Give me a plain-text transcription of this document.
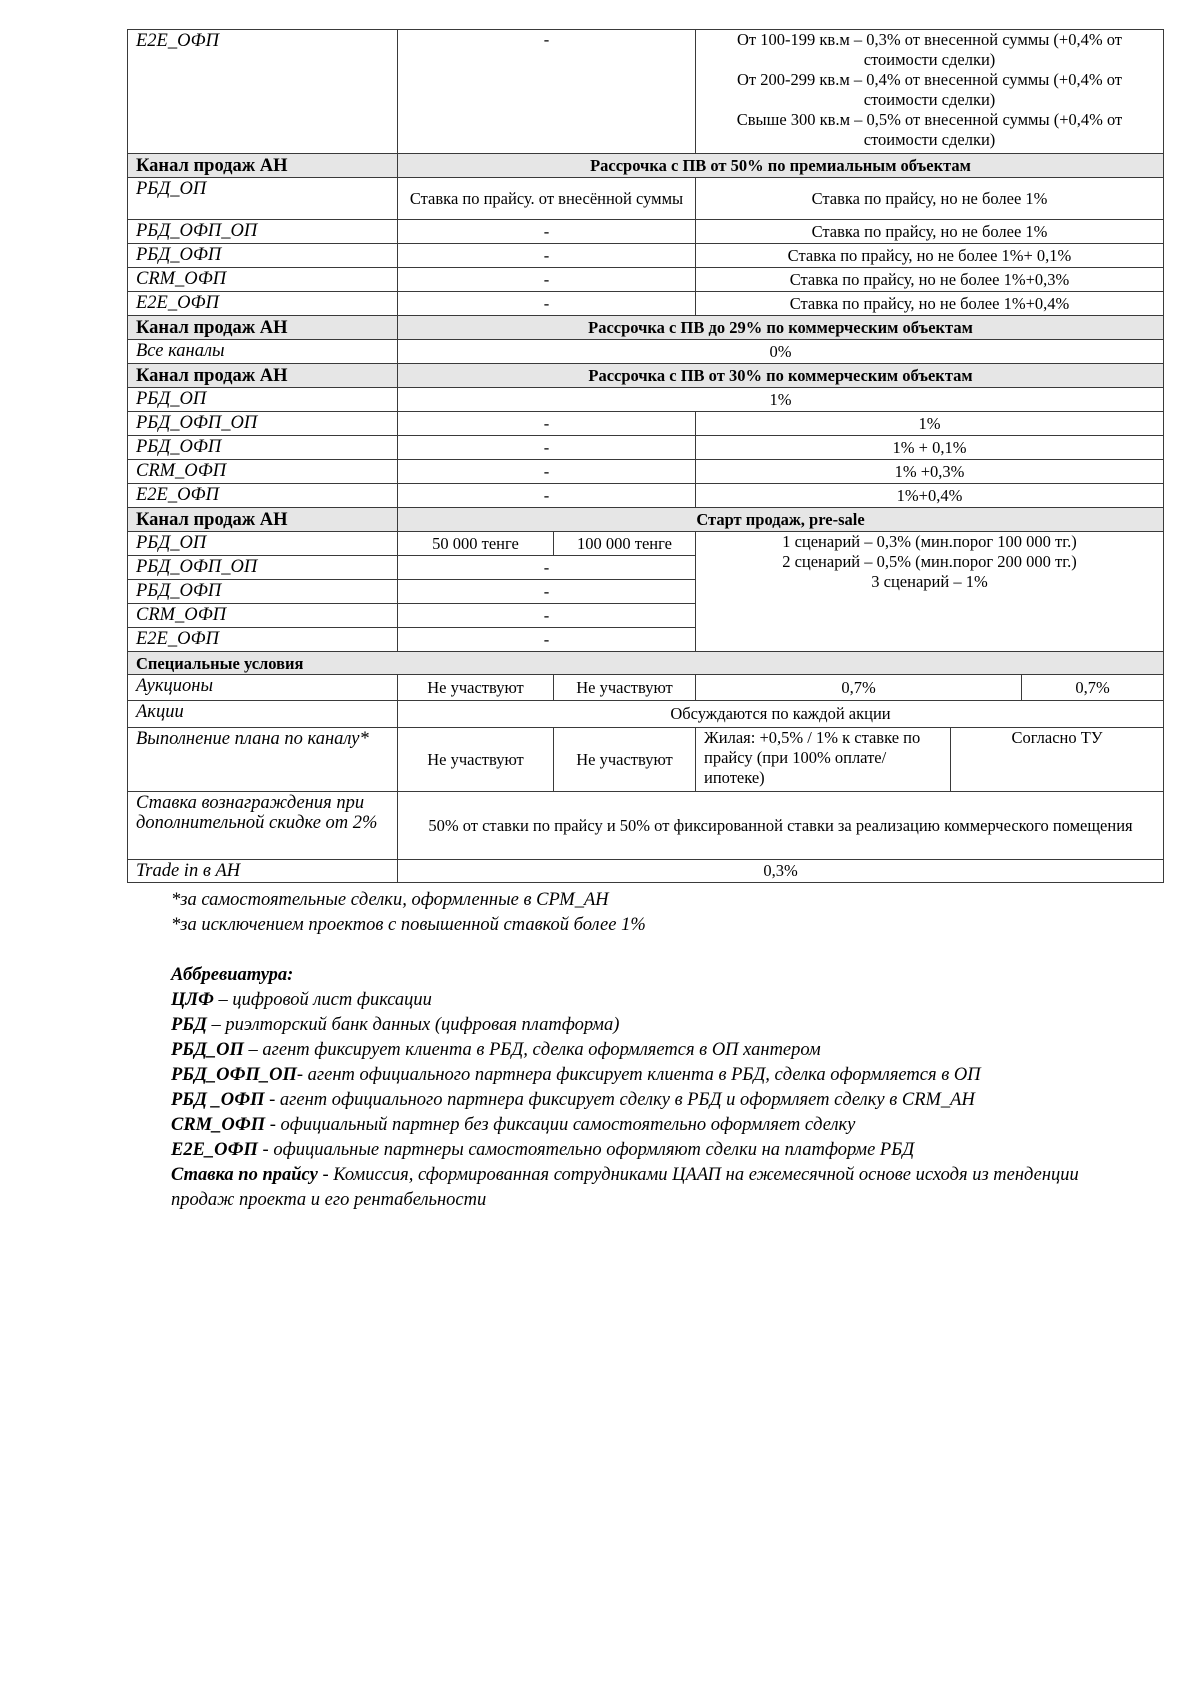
E2E_ОФП	-		От 100-199 кв.м – 0,3% от внесенной суммы (+0,4% от стоимости сделки)
От 200-299 кв.м – 0,4% от внесенной суммы (+0,4% от стоимости сделки)
Свыше 300 кв.м – 0,5% от внесенной суммы (+0,4% от стоимости сделки)		

Канал продаж АН	Рассрочка с ПВ от 50% по премиальным объектам				
РБД_ОП	Ставка по прайсу. от внесённой суммы		Ставка по прайсу, но не более 1%		
РБД_ОФП_ОП	-		Ставка по прайсу, но не более 1%		
РБД_ОФП	-		Ставка по прайсу, но не более 1%+ 0,1%		
CRM_ОФП	-		Ставка по прайсу, но не более 1%+0,3%		
E2E_ОФП	-		Ставка по прайсу, но не более 1%+0,4%		
Канал продаж АН	Рассрочка с ПВ до 29% по коммерческим объектам				
Все каналы	0%				
Канал продаж АН	Рассрочка с ПВ от 30% по коммерческим объектам				
РБД_ОП	1%				
РБД_ОФП_ОП	-		1%		
РБД_ОФП	-		1% + 0,1%		
CRM_ОФП	-		1% +0,3%		
E2E_ОФП	-		1%+0,4%		
Канал продаж АН	Старт продаж, pre-sale				
РБД_ОП	50 000 тенге	100 000 тенге	1 сценарий – 0,3% (мин.порог 100 000 тг.)
2 сценарий – 0,5% (мин.порог 200 000 тг.)
3 сценарий – 1%		

РБД_ОФП_ОП	-				
РБД_ОФП	-				
CRM_ОФП	-				
E2E_ОФП	-				
Специальные условия					
Аукционы	Не участвуют	Не участвуют	0,7%		0,7%
Акции	Обсуждаются по каждой акции				
Выполнение плана по каналу*	Не участвуют	Не участвуют	Жилая: +0,5% / 1% к ставке по прайсу (при 100% оплате/ипотеке)	Согласно ТУ	
Ставка вознаграждения при дополнительной скидке от 2%	50% от ставки по прайсу и 50% от фиксированной ставки за реализацию коммерческого помещения				
Trade in в АН	0,3%				

*за самостоятельные сделки, оформленные в СРМ_АН

*за исключением проектов с повышенной ставкой более 1%

Аббревиатура:

ЦЛФ – цифровой лист фиксации

РБД – риэлторский банк данных (цифровая платформа)

РБД_ОП – агент фиксирует клиента в РБД, сделка оформляется в ОП хантером

РБД_ОФП_ОП- агент официального партнера фиксирует клиента в РБД, сделка оформляется в ОП

РБД _ОФП - агент официального партнера фиксирует сделку в РБД и оформляет сделку в CRM_АН

CRM_ОФП - официальный партнер без фиксации самостоятельно оформляет сделку

E2E_ОФП - официальные партнеры самостоятельно оформляют сделки на платформе РБД

Ставка по прайсу - Комиссия, сформированная сотрудниками ЦААП на ежемесячной основе исходя из тенденции продаж проекта и его рентабельности
